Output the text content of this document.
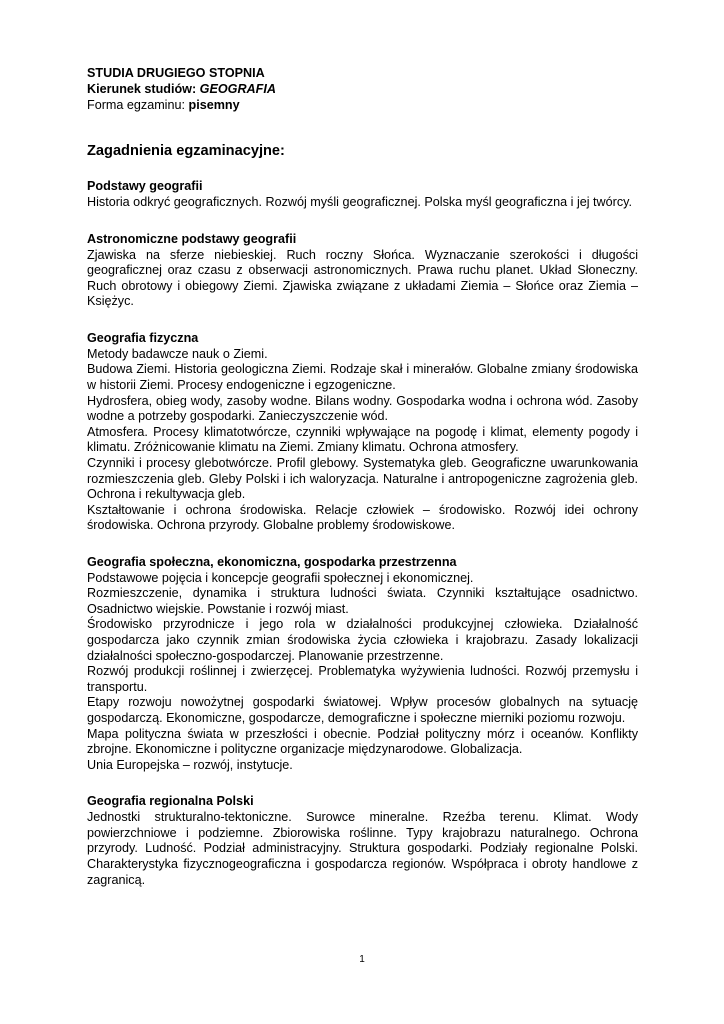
STUDIA DRUGIEGO STOPNIA
Kierunek studiów: GEOGRAFIA
Forma egzaminu: pisemny
Zagadnienia egzaminacyjne:
Podstawy geografii

Historia odkryć geograficznych. Rozwój myśli geograficznej. Polska myśl geograficzna i jej twórcy.

Astronomiczne podstawy geografii

Zjawiska na sferze niebieskiej. Ruch roczny Słońca. Wyznaczanie szerokości i długości geograficznej oraz czasu z obserwacji astronomicznych. Prawa ruchu planet. Układ Słoneczny. Ruch obrotowy i obiegowy Ziemi. Zjawiska związane z układami Ziemia – Słońce oraz Ziemia – Księżyc.

Geografia fizyczna

Metody badawcze nauk o Ziemi.

Budowa Ziemi. Historia geologiczna Ziemi. Rodzaje skał i minerałów. Globalne zmiany środowiska w historii Ziemi. Procesy endogeniczne i egzogeniczne.

Hydrosfera, obieg wody, zasoby wodne. Bilans wodny. Gospodarka wodna i ochrona wód. Zasoby wodne a potrzeby gospodarki. Zanieczyszczenie wód.

Atmosfera. Procesy klimatotwórcze, czynniki wpływające na pogodę i klimat, elementy pogody i klimatu. Zróżnicowanie klimatu na Ziemi. Zmiany klimatu. Ochrona atmosfery.

Czynniki i procesy glebotwórcze. Profil glebowy. Systematyka gleb. Geograficzne uwarunkowania rozmieszczenia gleb. Gleby Polski i ich waloryzacja. Naturalne i antropogeniczne zagrożenia gleb. Ochrona i rekultywacja gleb.

Kształtowanie i ochrona środowiska. Relacje człowiek – środowisko. Rozwój idei ochrony środowiska. Ochrona przyrody. Globalne problemy środowiskowe.

Geografia społeczna, ekonomiczna, gospodarka przestrzenna

Podstawowe pojęcia i koncepcje geografii społecznej i ekonomicznej.

Rozmieszczenie, dynamika i struktura ludności świata. Czynniki kształtujące osadnictwo. Osadnictwo wiejskie. Powstanie i rozwój miast.

Środowisko przyrodnicze i jego rola w działalności produkcyjnej człowieka. Działalność gospodarcza jako czynnik zmian środowiska życia człowieka i krajobrazu. Zasady lokalizacji działalności społeczno-gospodarczej. Planowanie przestrzenne.

Rozwój produkcji roślinnej i zwierzęcej. Problematyka wyżywienia ludności. Rozwój przemysłu i transportu.

Etapy rozwoju nowożytnej gospodarki światowej. Wpływ procesów globalnych na sytuację gospodarczą. Ekonomiczne, gospodarcze, demograficzne i społeczne mierniki poziomu rozwoju.

Mapa polityczna świata w przeszłości i obecnie. Podział polityczny mórz i oceanów. Konflikty zbrojne. Ekonomiczne i polityczne organizacje międzynarodowe. Globalizacja.

Unia Europejska – rozwój, instytucje.

Geografia regionalna Polski

Jednostki strukturalno-tektoniczne. Surowce mineralne. Rzeźba terenu. Klimat. Wody powierzchniowe i podziemne. Zbiorowiska roślinne. Typy krajobrazu naturalnego. Ochrona przyrody. Ludność. Podział administracyjny. Struktura gospodarki. Podziały regionalne Polski. Charakterystyka fizycznogeograficzna i gospodarcza regionów. Współpraca i obroty handlowe z zagranicą.

1
